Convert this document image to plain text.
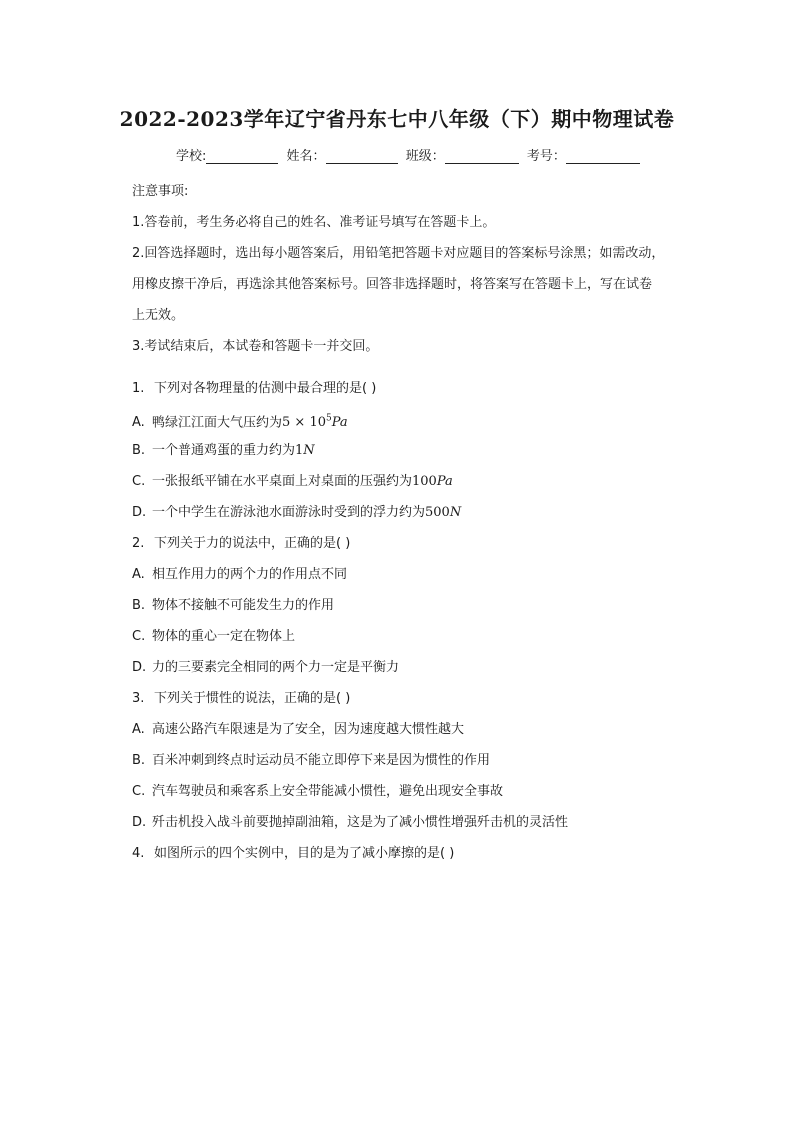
2022-2023学年辽宁省丹东七中八年级（下）期中物理试卷
学校:	姓名：	班级：	考号：
注意事项:
1.答卷前，考生务必将自己的姓名、准考证号填写在答题卡上。
2.回答选择题时，选出每小题答案后，用铅笔把答题卡对应题目的答案标号涂黑；如需改动，
用橡皮擦干净后，再选涂其他答案标号。回答非选择题时，将答案写在答题卡上，写在试卷
上无效。
3.考试结束后，本试卷和答题卡一并交回。
1. 下列对各物理量的估测中最合理的是( )
A. 鸭绿江江面大气压约为$5 \times 10^5Pa$
B. 一个普通鸡蛋的重力约为1N
C. 一张报纸平铺在水平桌面上对桌面的压强约为100Pa
D. 一个中学生在游泳池水面游泳时受到的浮力约为500N
2. 下列关于力的说法中，正确的是( )
A. 相互作用力的两个力的作用点不同
B. 物体不接触不可能发生力的作用
C. 物体的重心一定在物体上
D. 力的三要素完全相同的两个力一定是平衡力
3. 下列关于惯性的说法，正确的是( )
A. 高速公路汽车限速是为了安全，因为速度越大惯性越大
B. 百米冲刺到终点时运动员不能立即停下来是因为惯性的作用
C. 汽车驾驶员和乘客系上安全带能减小惯性，避免出现安全事故
D. 歼击机投入战斗前要抛掉副油箱，这是为了减小惯性增强歼击机的灵活性
4. 如图所示的四个实例中，目的是为了减小摩擦的是( )
